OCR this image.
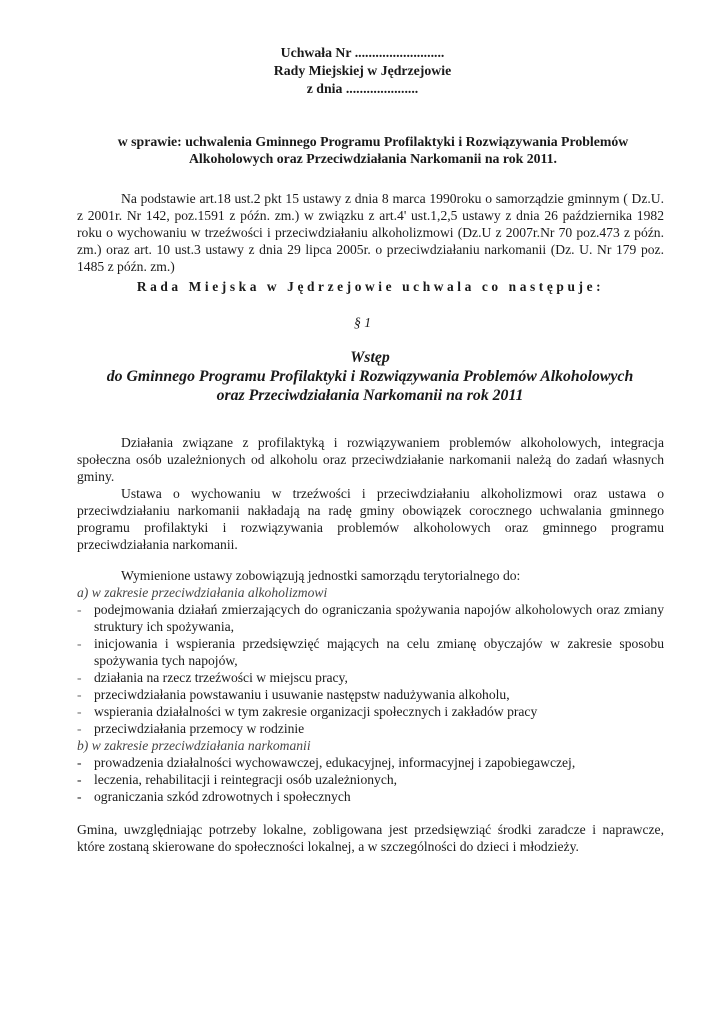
Uchwała Nr ..........................
Rady Miejskiej w Jędrzejowie
z dnia .....................
w sprawie: uchwalenia Gminnego Programu Profilaktyki i Rozwiązywania Problemów Alkoholowych oraz Przeciwdziałania Narkomanii na rok 2011.

Na podstawie art.18 ust.2 pkt 15 ustawy z dnia 8 marca 1990roku o samorządzie gminnym ( Dz.U. z 2001r. Nr 142, poz.1591 z późn. zm.) w związku z art.4' ust.1,2,5 ustawy z dnia 26 października 1982 roku o wychowaniu w trzeźwości i przeciwdziałaniu alkoholizmowi (Dz.U z 2007r.Nr 70 poz.473 z późn. zm.) oraz art. 10 ust.3 ustawy z dnia 29 lipca 2005r. o przeciwdziałaniu narkomanii (Dz. U. Nr 179 poz. 1485 z późn. zm.)

Rada Miejska w Jędrzejowie uchwala co następuje:
§ 1
Wstęp
do Gminnego Programu Profilaktyki i Rozwiązywania Problemów Alkoholowych
oraz Przeciwdziałania Narkomanii na rok 2011

Działania związane z profilaktyką i rozwiązywaniem problemów alkoholowych, integracja społeczna osób uzależnionych od alkoholu oraz przeciwdziałanie narkomanii należą do zadań własnych gminy.

Ustawa o wychowaniu w trzeźwości i przeciwdziałaniu alkoholizmowi oraz ustawa o przeciwdziałaniu narkomanii nakładają na radę gminy obowiązek corocznego uchwalania gminnego programu profilaktyki i rozwiązywania problemów alkoholowych oraz gminnego programu przeciwdziałania narkomanii.

Wymienione ustawy zobowiązują jednostki samorządu terytorialnego do:

a) w zakresie przeciwdziałania alkoholizmowi

- podejmowania działań zmierzających do ograniczania spożywania napojów alkoholowych oraz zmiany struktury ich spożywania,
- inicjowania i wspierania przedsięwzięć mających na celu zmianę obyczajów w zakresie sposobu spożywania tych napojów,
- działania na rzecz trzeźwości w miejscu pracy,
- przeciwdziałania powstawaniu i usuwanie następstw nadużywania alkoholu,
- wspierania działalności w tym zakresie organizacji społecznych i zakładów pracy
- przeciwdziałania przemocy w rodzinie

b) w zakresie przeciwdziałania narkomanii

- prowadzenia działalności wychowawczej, edukacyjnej, informacyjnej i zapobiegawczej,
- leczenia, rehabilitacji i reintegracji osób uzależnionych,
- ograniczania szkód zdrowotnych i społecznych

Gmina, uwzględniając potrzeby lokalne, zobligowana jest przedsięwziąć środki zaradcze i naprawcze, które zostaną skierowane do społeczności lokalnej, a w szczególności do dzieci i młodzieży.
